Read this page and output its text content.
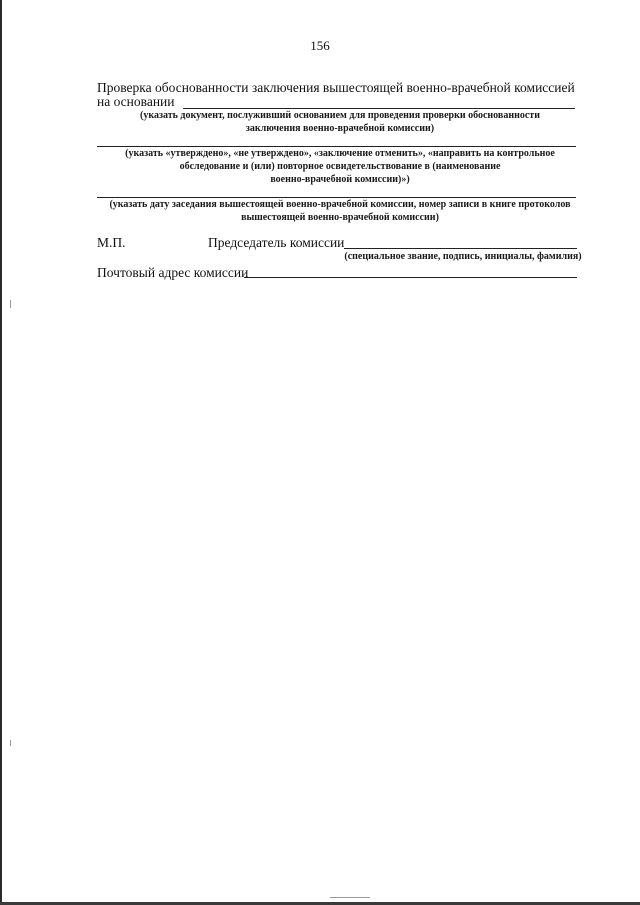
156
Проверка обоснованности заключения вышестоящей военно-врачебной комиссией
на основании
(указать документ, послуживший основанием для проведения проверки обоснованности
заключения военно-врачебной комиссии)
(указать «утверждено», «не утверждено», «заключение отменить», «направить на контрольное
обследование и (или) повторное освидетельствование в (наименование
военно-врачебной комиссии)»)
(указать дату заседания вышестоящей военно-врачебной комиссии, номер записи в книге протоколов
вышестоящей военно-врачебной комиссии)
М.П.	Председатель комиссии
(специальное звание, подпись, инициалы, фамилия)
Почтовый адрес комиссии
